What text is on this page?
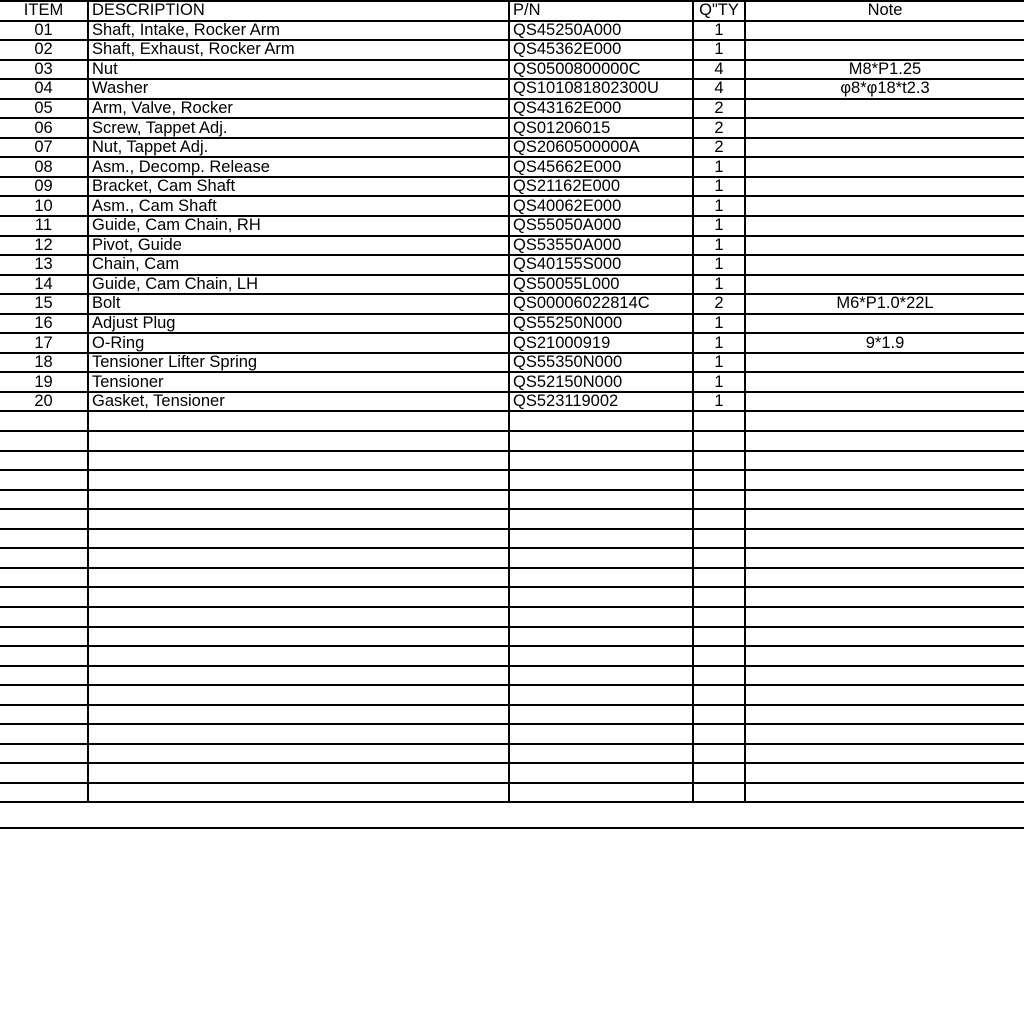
ITEM	DESCRIPTION	P/N	Q"TY	Note
01	Shaft, Intake, Rocker Arm	QS45250A000	1	
02	Shaft, Exhaust, Rocker Arm	QS45362E000	1	
03	Nut	QS0500800000C	4	M8*P1.25
04	Washer	QS101081802300U	4	φ8*φ18*t2.3
05	Arm, Valve, Rocker	QS43162E000	2	
06	Screw, Tappet Adj.	QS01206015	2	
07	Nut, Tappet Adj.	QS2060500000A	2	
08	Asm., Decomp. Release	QS45662E000	1	
09	Bracket, Cam Shaft	QS21162E000	1	
10	Asm., Cam Shaft	QS40062E000	1	
11	Guide, Cam Chain, RH	QS55050A000	1	
12	Pivot, Guide	QS53550A000	1	
13	Chain, Cam	QS40155S000	1	
14	Guide, Cam Chain, LH	QS50055L000	1	
15	Bolt	QS00006022814C	2	M6*P1.0*22L
16	Adjust Plug	QS55250N000	1	
17	O-Ring	QS21000919	1	9*1.9
18	Tensioner Lifter Spring	QS55350N000	1	
19	Tensioner	QS52150N000	1	
20	Gasket, Tensioner	QS523119002	1	
